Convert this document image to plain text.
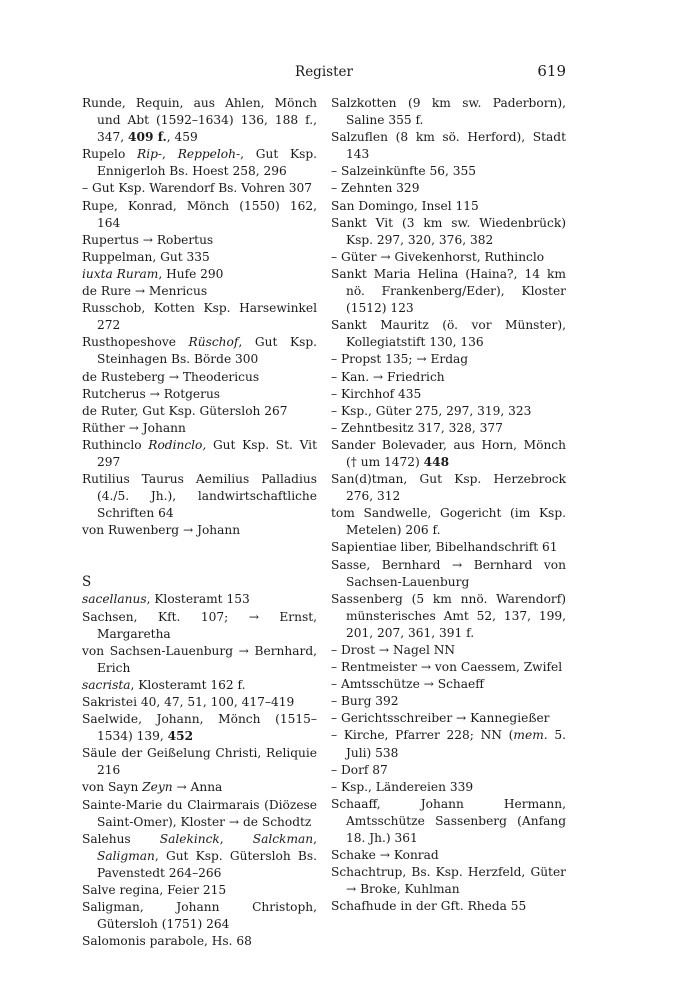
Register	619

Runde, Requin, aus Ahlen, Mönch und Abt (1592–1634) 136, 188 f., 347, 409 f., 459

Rupelo Rip-, Reppeloh-, Gut Ksp. Ennigerloh Bs. Hoest 258, 296

– Gut Ksp. Warendorf Bs. Vohren 307

Rupe, Konrad, Mönch (1550) 162, 164

Rupertus → Robertus

Ruppelman, Gut 335

iuxta Ruram, Hufe 290

de Rure → Menricus

Russchob, Kotten Ksp. Harsewinkel 272

Rusthopeshove Rüschof, Gut Ksp. Steinhagen Bs. Börde 300

de Rusteberg → Theodericus

Rutcherus → Rotgerus

de Ruter, Gut Ksp. Gütersloh 267

Rüther → Johann

Ruthinclo Rodinclo, Gut Ksp. St. Vit 297

Rutilius Taurus Aemilius Palladius (4./5. Jh.), landwirtschaftliche Schriften 64

von Ruwenberg → Johann

S

sacellanus, Klosteramt 153

Sachsen, Kft. 107; → Ernst, Margaretha

von Sachsen-Lauenburg → Bernhard, Erich

sacrista, Klosteramt 162 f.

Sakristei 40, 47, 51, 100, 417–419

Saelwide, Johann, Mönch (1515–1534) 139, 452

Säule der Geißelung Christi, Reliquie 216

von Sayn Zeyn → Anna

Sainte-Marie du Clairmarais (Diözese Saint-Omer), Kloster → de Schodtz

Salehus Salekinck, Salckman, Saligman, Gut Ksp. Gütersloh Bs. Pavenstedt 264–266

Salve regina, Feier 215

Saligman, Johann Christoph, Gütersloh (1751) 264

Salomonis parabole, Hs. 68

Salzkotten (9 km sw. Paderborn), Saline 355 f.

Salzuflen (8 km sö. Herford), Stadt 143

– Salzeinkünfte 56, 355

– Zehnten 329

San Domingo, Insel 115

Sankt Vit (3 km sw. Wiedenbrück) Ksp. 297, 320, 376, 382

– Güter → Givekenhorst, Ruthinclo

Sankt Maria Helina (Haina?, 14 km nö. Frankenberg/Eder), Kloster (1512) 123

Sankt Mauritz (ö. vor Münster), Kollegiatstift 130, 136

– Propst 135; → Erdag

– Kan. → Friedrich

– Kirchhof 435

– Ksp., Güter 275, 297, 319, 323

– Zehntbesitz 317, 328, 377

Sander Bolevader, aus Horn, Mönch († um 1472) 448

San(d)tman, Gut Ksp. Herzebrock 276, 312

tom Sandwelle, Gogericht (im Ksp. Metelen) 206 f.

Sapientiae liber, Bibelhandschrift 61

Sasse, Bernhard → Bernhard von Sachsen-Lauenburg

Sassenberg (5 km nnö. Warendorf) münsterisches Amt 52, 137, 199, 201, 207, 361, 391 f.

– Drost → Nagel NN

– Rentmeister → von Caessem, Zwifel

– Amtsschütze → Schaeff

– Burg 392

– Gerichtsschreiber → Kannegießer

– Kirche, Pfarrer 228; NN (mem. 5. Juli) 538

– Dorf 87

– Ksp., Ländereien 339

Schaaff, Johann Hermann, Amtsschütze Sassenberg (Anfang 18. Jh.) 361

Schake → Konrad

Schachtrup, Bs. Ksp. Herzfeld, Güter → Broke, Kuhlman

Schafhude in der Gft. Rheda 55
